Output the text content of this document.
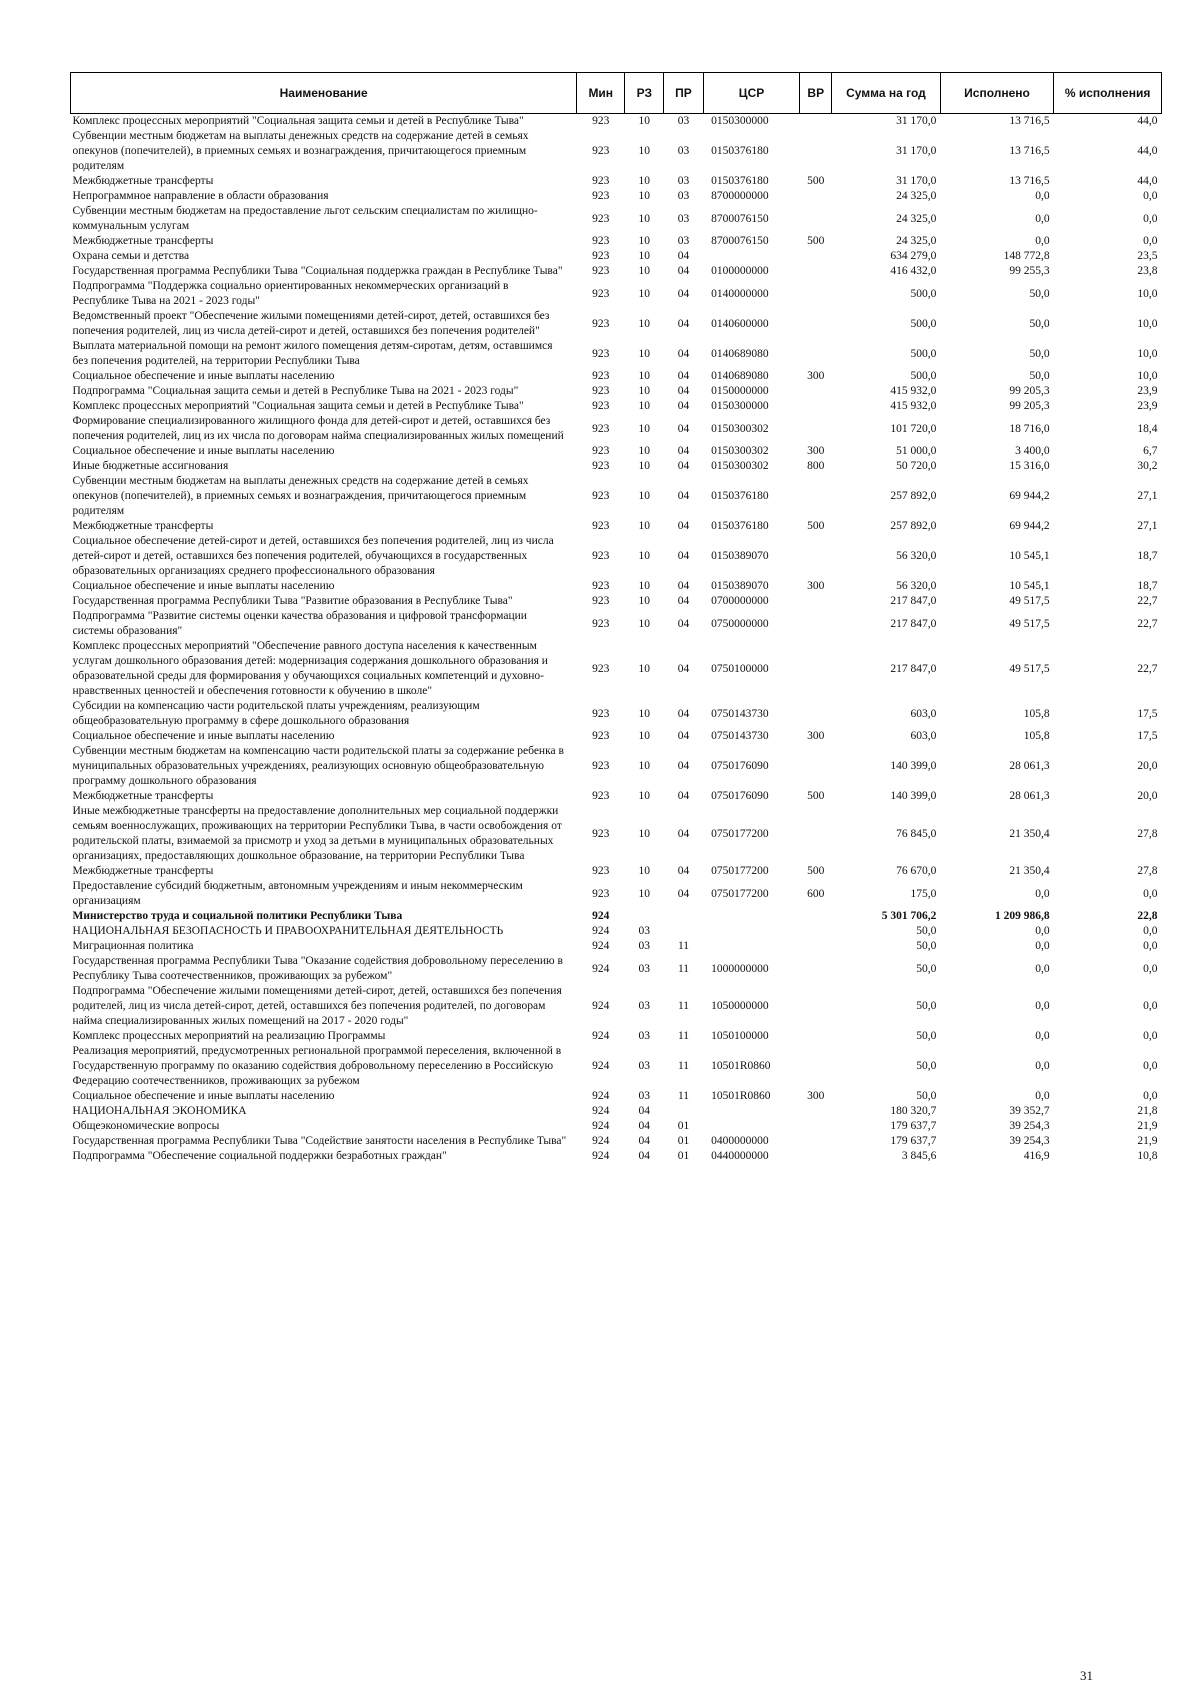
Наименование	Мин	РЗ	ПР	ЦСР	ВР	Сумма на год	Исполнено	% исполнения
Комплекс процессных мероприятий "Социальная защита семьи и детей в Республике Тыва"	923	10	03	0150300000		31 170,0	13 716,5	44,0
Субвенции местным бюджетам на выплаты денежных средств на содержание детей в семьях опекунов (попечителей), в приемных семьях и вознаграждения, причитающегося приемным родителям	923	10	03	0150376180		31 170,0	13 716,5	44,0
Межбюджетные трансферты	923	10	03	0150376180	500	31 170,0	13 716,5	44,0
Непрограммное направление в области образования	923	10	03	8700000000		24 325,0	0,0	0,0
Субвенции местным бюджетам на предоставление льгот сельским специалистам по жилищно-коммунальным услугам	923	10	03	8700076150		24 325,0	0,0	0,0
Межбюджетные трансферты	923	10	03	8700076150	500	24 325,0	0,0	0,0
Охрана семьи и детства	923	10	04			634 279,0	148 772,8	23,5
Государственная программа Республики Тыва "Социальная поддержка граждан в Республике Тыва"	923	10	04	0100000000		416 432,0	99 255,3	23,8
Подпрограмма "Поддержка социально ориентированных некоммерческих организаций в Республике Тыва на 2021 - 2023 годы"	923	10	04	0140000000		500,0	50,0	10,0
Ведомственный проект "Обеспечение жилыми помещениями детей-сирот, детей, оставшихся без попечения родителей, лиц из числа детей-сирот и детей, оставшихся без попечения родителей"	923	10	04	0140600000		500,0	50,0	10,0
Выплата материальной помощи на ремонт жилого помещения детям-сиротам, детям, оставшимся без попечения родителей, на территории Республики Тыва	923	10	04	0140689080		500,0	50,0	10,0
Социальное обеспечение и иные выплаты населению	923	10	04	0140689080	300	500,0	50,0	10,0
Подпрограмма "Социальная защита семьи и детей в Республике Тыва на 2021 - 2023 годы"	923	10	04	0150000000		415 932,0	99 205,3	23,9
Комплекс процессных мероприятий "Социальная защита семьи и детей в Республике Тыва"	923	10	04	0150300000		415 932,0	99 205,3	23,9
Формирование специализированного жилищного фонда для детей-сирот и детей, оставшихся без попечения родителей, лиц из их числа по договорам найма специализированных жилых помещений	923	10	04	0150300302		101 720,0	18 716,0	18,4
Социальное обеспечение и иные выплаты населению	923	10	04	0150300302	300	51 000,0	3 400,0	6,7
Иные бюджетные ассигнования	923	10	04	0150300302	800	50 720,0	15 316,0	30,2
Субвенции местным бюджетам на выплаты денежных средств на содержание детей в семьях опекунов (попечителей), в приемных семьях и вознаграждения, причитающегося приемным родителям	923	10	04	0150376180		257 892,0	69 944,2	27,1
Межбюджетные трансферты	923	10	04	0150376180	500	257 892,0	69 944,2	27,1
Социальное обеспечение детей-сирот и детей, оставшихся без попечения родителей, лиц из числа детей-сирот и детей, оставшихся без попечения родителей, обучающихся в государственных образовательных организациях среднего профессионального образования	923	10	04	0150389070		56 320,0	10 545,1	18,7
Социальное обеспечение и иные выплаты населению	923	10	04	0150389070	300	56 320,0	10 545,1	18,7
Государственная программа Республики Тыва "Развитие образования в Республике Тыва"	923	10	04	0700000000		217 847,0	49 517,5	22,7
Подпрограмма "Развитие системы оценки качества образования и цифровой трансформации системы образования"	923	10	04	0750000000		217 847,0	49 517,5	22,7
Комплекс процессных мероприятий "Обеспечение равного доступа населения к качественным услугам дошкольного образования детей: модернизация содержания дошкольного образования и образовательной среды для формирования у обучающихся социальных компетенций и духовно-нравственных ценностей и обеспечения готовности к обучению в школе"	923	10	04	0750100000		217 847,0	49 517,5	22,7
Субсидии на компенсацию части родительской платы учреждениям, реализующим общеобразовательную программу в сфере дошкольного образования	923	10	04	0750143730		603,0	105,8	17,5
Социальное обеспечение и иные выплаты населению	923	10	04	0750143730	300	603,0	105,8	17,5
Субвенции местным бюджетам на компенсацию части родительской платы за содержание ребенка в муниципальных образовательных учреждениях, реализующих основную общеобразовательную программу дошкольного образования	923	10	04	0750176090		140 399,0	28 061,3	20,0
Межбюджетные трансферты	923	10	04	0750176090	500	140 399,0	28 061,3	20,0
Иные межбюджетные трансферты на предоставление дополнительных мер социальной поддержки семьям военнослужащих, проживающих на территории Республики Тыва, в части освобождения от родительской платы, взимаемой за присмотр и уход за детьми в муниципальных образовательных организациях, предоставляющих дошкольное образование, на территории Республики Тыва	923	10	04	0750177200		76 845,0	21 350,4	27,8
Межбюджетные трансферты	923	10	04	0750177200	500	76 670,0	21 350,4	27,8
Предоставление субсидий бюджетным, автономным учреждениям и иным некоммерческим организациям	923	10	04	0750177200	600	175,0	0,0	0,0
Министерство труда и социальной политики Республики Тыва	924					5 301 706,2	1 209 986,8	22,8
НАЦИОНАЛЬНАЯ БЕЗОПАСНОСТЬ И ПРАВООХРАНИТЕЛЬНАЯ ДЕЯТЕЛЬНОСТЬ	924	03				50,0	0,0	0,0
Миграционная политика	924	03	11			50,0	0,0	0,0
Государственная программа Республики Тыва "Оказание содействия добровольному переселению в Республику Тыва соотечественников, проживающих за рубежом"	924	03	11	1000000000		50,0	0,0	0,0
Подпрограмма "Обеспечение жилыми помещениями детей-сирот, детей, оставшихся без попечения родителей, лиц из числа детей-сирот, детей, оставшихся без попечения родителей, по договорам найма специализированных жилых помещений на 2017 - 2020 годы"	924	03	11	1050000000		50,0	0,0	0,0
Комплекс процессных мероприятий на реализацию Программы	924	03	11	1050100000		50,0	0,0	0,0
Реализация мероприятий, предусмотренных региональной программой переселения, включенной в Государственную программу по оказанию содействия добровольному переселению в Российскую Федерацию соотечественников, проживающих за рубежом	924	03	11	10501R0860		50,0	0,0	0,0
Социальное обеспечение и иные выплаты населению	924	03	11	10501R0860	300	50,0	0,0	0,0
НАЦИОНАЛЬНАЯ ЭКОНОМИКА	924	04				180 320,7	39 352,7	21,8
Общеэкономические вопросы	924	04	01			179 637,7	39 254,3	21,9
Государственная программа Республики Тыва "Содействие занятости населения в Республике Тыва"	924	04	01	0400000000		179 637,7	39 254,3	21,9
Подпрограмма "Обеспечение социальной поддержки безработных граждан"	924	04	01	0440000000		3 845,6	416,9	10,8
31
